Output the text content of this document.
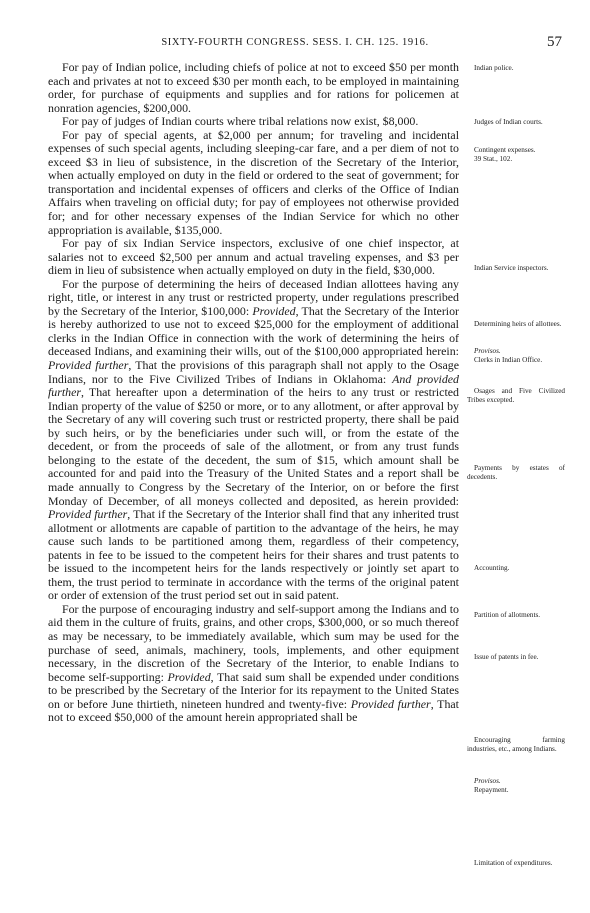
SIXTY-FOURTH CONGRESS. SESS. I. CH. 125. 1916.	57

For pay of Indian police, including chiefs of police at not to exceed $50 per month each and privates at not to exceed $30 per month each, to be employed in maintaining order, for purchase of equipments and supplies and for rations for policemen at nonration agencies, $200,000.

For pay of judges of Indian courts where tribal relations now exist, $8,000.

For pay of special agents, at $2,000 per annum; for traveling and incidental expenses of such special agents, including sleeping-car fare, and a per diem of not to exceed $3 in lieu of subsistence, in the discretion of the Secretary of the Interior, when actually employed on duty in the field or ordered to the seat of government; for transportation and incidental expenses of officers and clerks of the Office of Indian Affairs when traveling on official duty; for pay of employees not otherwise provided for; and for other necessary expenses of the Indian Service for which no other appropriation is available, $135,000.

For pay of six Indian Service inspectors, exclusive of one chief inspector, at salaries not to exceed $2,500 per annum and actual traveling expenses, and $3 per diem in lieu of subsistence when actually employed on duty in the field, $30,000.

For the purpose of determining the heirs of deceased Indian allottees having any right, title, or interest in any trust or restricted property, under regulations prescribed by the Secretary of the Interior, $100,000: Provided, That the Secretary of the Interior is hereby authorized to use not to exceed $25,000 for the employment of additional clerks in the Indian Office in connection with the work of determining the heirs of deceased Indians, and examining their wills, out of the $100,000 appropriated herein: Provided further, That the provisions of this paragraph shall not apply to the Osage Indians, nor to the Five Civilized Tribes of Indians in Oklahoma: And provided further, That hereafter upon a determination of the heirs to any trust or restricted Indian property of the value of $250 or more, or to any allotment, or after approval by the Secretary of any will covering such trust or restricted property, there shall be paid by such heirs, or by the beneficiaries under such will, or from the estate of the decedent, or from the proceeds of sale of the allotment, or from any trust funds belonging to the estate of the decedent, the sum of $15, which amount shall be accounted for and paid into the Treasury of the United States and a report shall be made annually to Congress by the Secretary of the Interior, on or before the first Monday of December, of all moneys collected and deposited, as herein provided: Provided further, That if the Secretary of the Interior shall find that any inherited trust allotment or allotments are capable of partition to the advantage of the heirs, he may cause such lands to be partitioned among them, regardless of their competency, patents in fee to be issued to the competent heirs for their shares and trust patents to be issued to the incompetent heirs for the lands respectively or jointly set apart to them, the trust period to terminate in accordance with the terms of the original patent or order of extension of the trust period set out in said patent.

For the purpose of encouraging industry and self-support among the Indians and to aid them in the culture of fruits, grains, and other crops, $300,000, or so much thereof as may be necessary, to be immediately available, which sum may be used for the purchase of seed, animals, machinery, tools, implements, and other equipment necessary, in the discretion of the Secretary of the Interior, to enable Indians to become self-supporting: Provided, That said sum shall be expended under conditions to be prescribed by the Secretary of the Interior for its repayment to the United States on or before June thirtieth, nineteen hundred and twenty-five: Provided further, That not to exceed $50,000 of the amount herein appropriated shall be

Indian police.
Judges of Indian courts.
Contingent expenses.
39 Stat., 102.
Indian Service inspectors.
Determining heirs of allottees.
Provisos.
Clerks in Indian Office.
Osages and Five Civilized Tribes excepted.
Payments by estates of decedents.
Accounting.
Partition of allotments.
Issue of patents in fee.
Encouraging farming industries, etc., among Indians.
Provisos.
Repayment.
Limitation of expenditures.
